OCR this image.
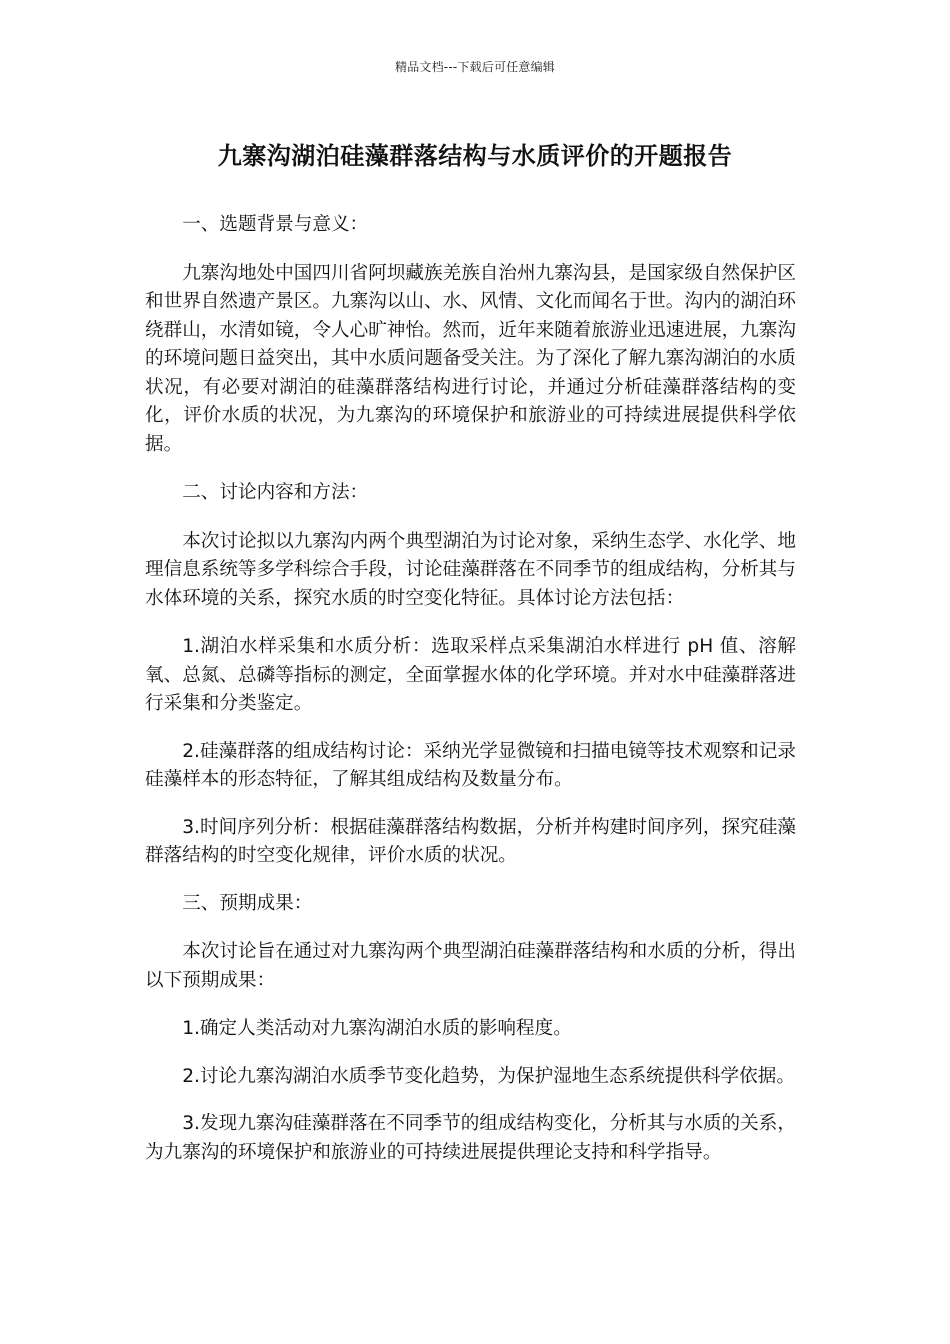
精品文档---下载后可任意编辑
九寨沟湖泊硅藻群落结构与水质评价的开题报告

一、选题背景与意义：

九寨沟地处中国四川省阿坝藏族羌族自治州九寨沟县，是国家级自然保护区和世界自然遗产景区。九寨沟以山、水、风情、文化而闻名于世。沟内的湖泊环绕群山，水清如镜，令人心旷神怡。然而，近年来随着旅游业迅速进展，九寨沟的环境问题日益突出，其中水质问题备受关注。为了深化了解九寨沟湖泊的水质状况，有必要对湖泊的硅藻群落结构进行讨论，并通过分析硅藻群落结构的变化，评价水质的状况，为九寨沟的环境保护和旅游业的可持续进展提供科学依据。

二、讨论内容和方法：

本次讨论拟以九寨沟内两个典型湖泊为讨论对象，采纳生态学、水化学、地理信息系统等多学科综合手段，讨论硅藻群落在不同季节的组成结构，分析其与水体环境的关系，探究水质的时空变化特征。具体讨论方法包括：

1.湖泊水样采集和水质分析：选取采样点采集湖泊水样进行 pH 值、溶解氧、总氮、总磷等指标的测定，全面掌握水体的化学环境。并对水中硅藻群落进行采集和分类鉴定。

2.硅藻群落的组成结构讨论：采纳光学显微镜和扫描电镜等技术观察和记录硅藻样本的形态特征，了解其组成结构及数量分布。

3.时间序列分析：根据硅藻群落结构数据，分析并构建时间序列，探究硅藻群落结构的时空变化规律，评价水质的状况。

三、预期成果：

本次讨论旨在通过对九寨沟两个典型湖泊硅藻群落结构和水质的分析，得出以下预期成果：

1.确定人类活动对九寨沟湖泊水质的影响程度。

2.讨论九寨沟湖泊水质季节变化趋势，为保护湿地生态系统提供科学依据。

3.发现九寨沟硅藻群落在不同季节的组成结构变化，分析其与水质的关系，为九寨沟的环境保护和旅游业的可持续进展提供理论支持和科学指导。
